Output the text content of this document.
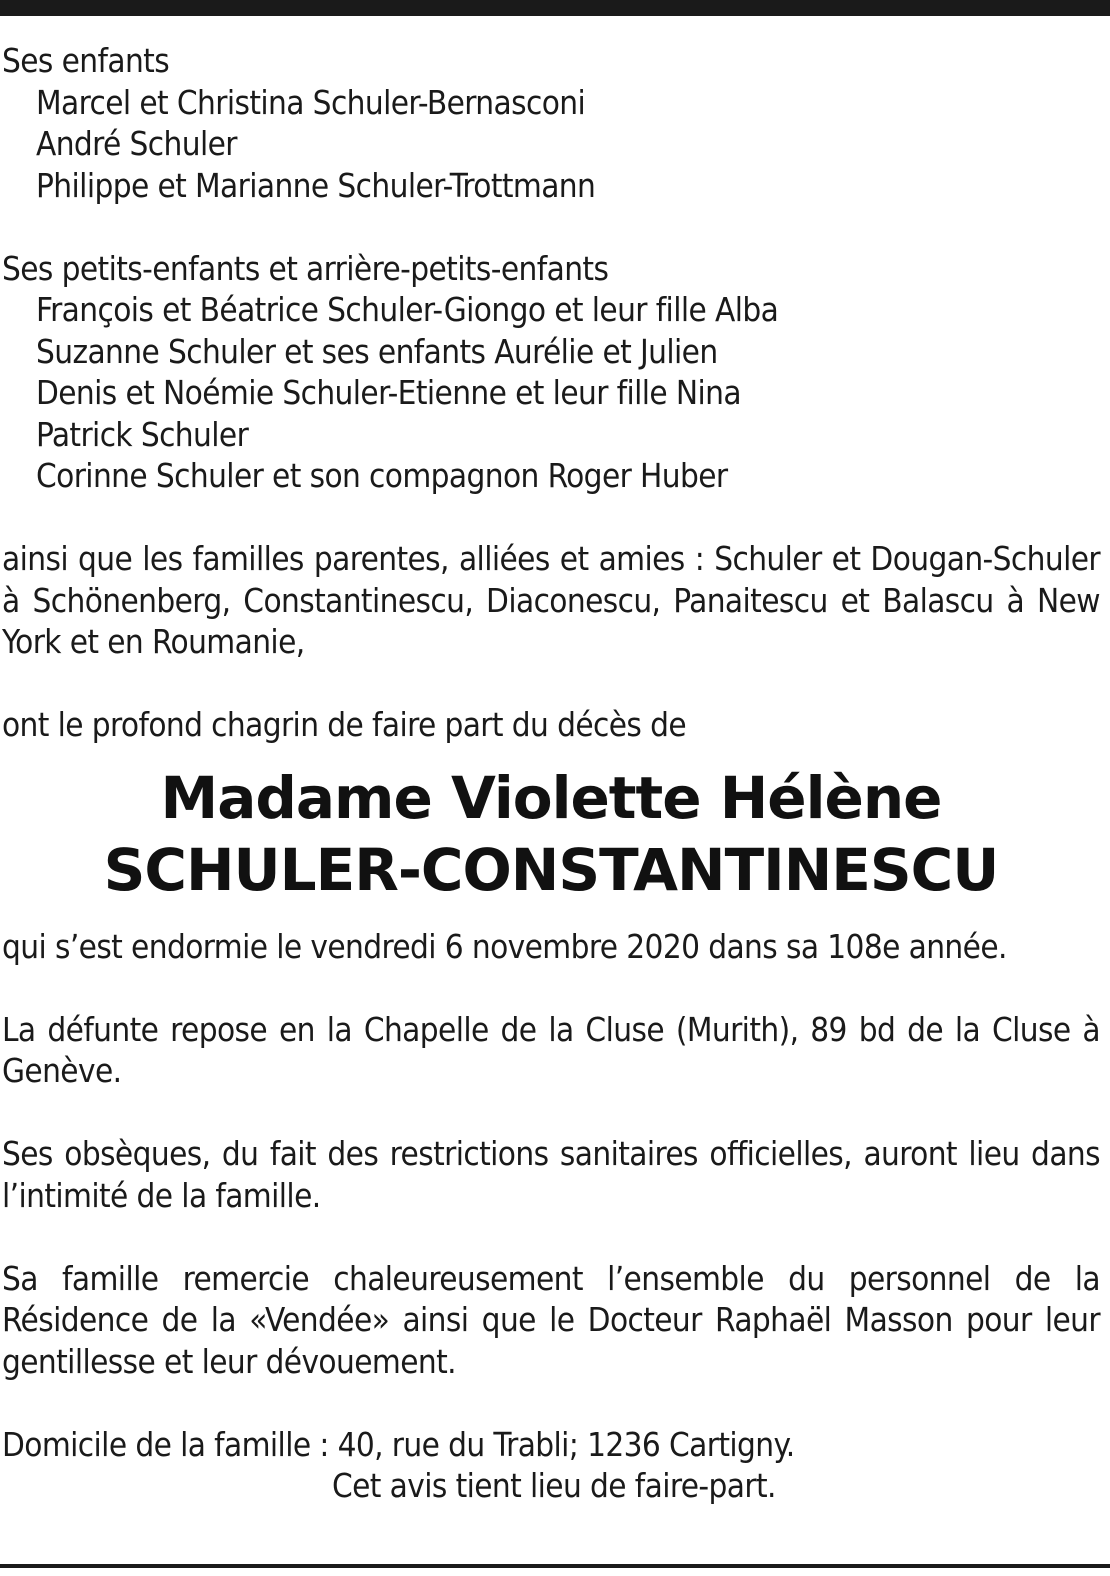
Ses enfants
Marcel et Christina Schuler-Bernasconi
André Schuler
Philippe et Marianne Schuler-Trottmann
Ses petits-enfants et arrière-petits-enfants
François et Béatrice Schuler-Giongo et leur fille Alba
Suzanne Schuler et ses enfants Aurélie et Julien
Denis et Noémie Schuler-Etienne et leur fille Nina
Patrick Schuler
Corinne Schuler et son compagnon Roger Huber
ainsi que les familles parentes, alliées et amies : Schuler et Dougan-Schuler à Schönenberg, Constantinescu, Diaconescu, Panaitescu et Balascu à New York et en Roumanie,
ont le profond chagrin de faire part du décès de
Madame Violette Hélène
SCHULER-CONSTANTINESCU
qui s’est endormie le vendredi 6 novembre 2020 dans sa 108e année.
La défunte repose en la Chapelle de la Cluse (Murith), 89 bd de la Cluse à Genève.
Ses obsèques, du fait des restrictions sanitaires officielles, auront lieu dans l’intimité de la famille.
Sa famille remercie chaleureusement l’ensemble du personnel de la Résidence de la «Vendée» ainsi que le Docteur Raphaël Masson pour leur gentillesse et leur dévouement.
Domicile de la famille : 40, rue du Trabli; 1236 Cartigny.
Cet avis tient lieu de faire-part.
